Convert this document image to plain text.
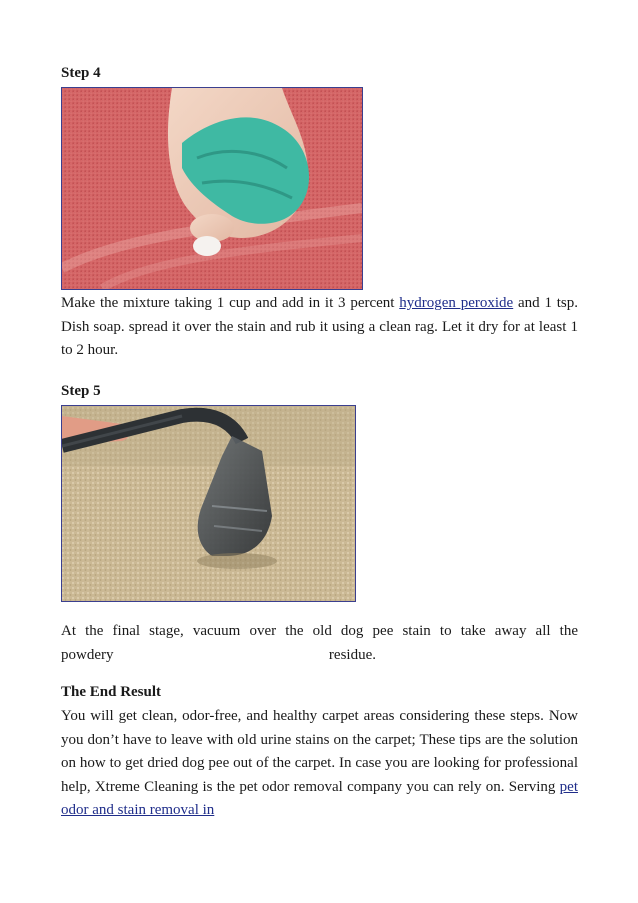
Step 4
Make the mixture taking 1 cup and add in it 3 percent hydrogen peroxide and 1 tsp. Dish soap. spread it over the stain and rub it using a clean rag. Let it dry for at least 1 to 2 hour.
Step 5
At the final stage, vacuum over the old dog pee stain to take away all the
powdery	residue.
The End Result
You will get clean, odor-free, and healthy carpet areas considering these steps. Now you don’t have to leave with old urine stains on the carpet; These tips are the solution on how to get dried dog pee out of the carpet. In case you are looking for professional help, Xtreme Cleaning is the pet odor removal company you can rely on. Serving pet odor and stain removal in
